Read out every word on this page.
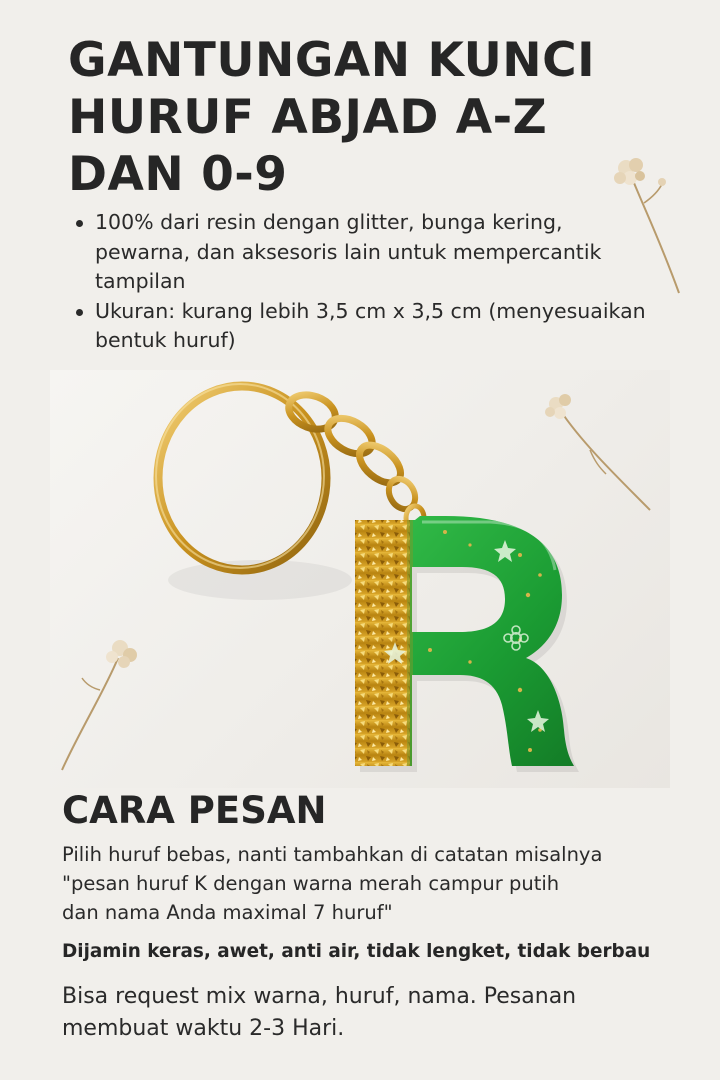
GANTUNGAN KUNCI
HURUF ABJAD A-Z
DAN 0-9
100% dari resin dengan glitter, bunga kering,
pewarna, dan aksesoris lain untuk mempercantik
tampilan
Ukuran: kurang lebih 3,5 cm x 3,5 cm (menyesuaikan
bentuk huruf)
CARA PESAN

Pilih huruf bebas, nanti tambahkan di catatan misalnya
"pesan huruf K dengan warna merah campur putih
dan nama Anda maximal 7 huruf"

Dijamin keras, awet, anti air, tidak lengket, tidak berbau

Bisa request mix warna, huruf, nama. Pesanan
membuat waktu 2-3 Hari.
